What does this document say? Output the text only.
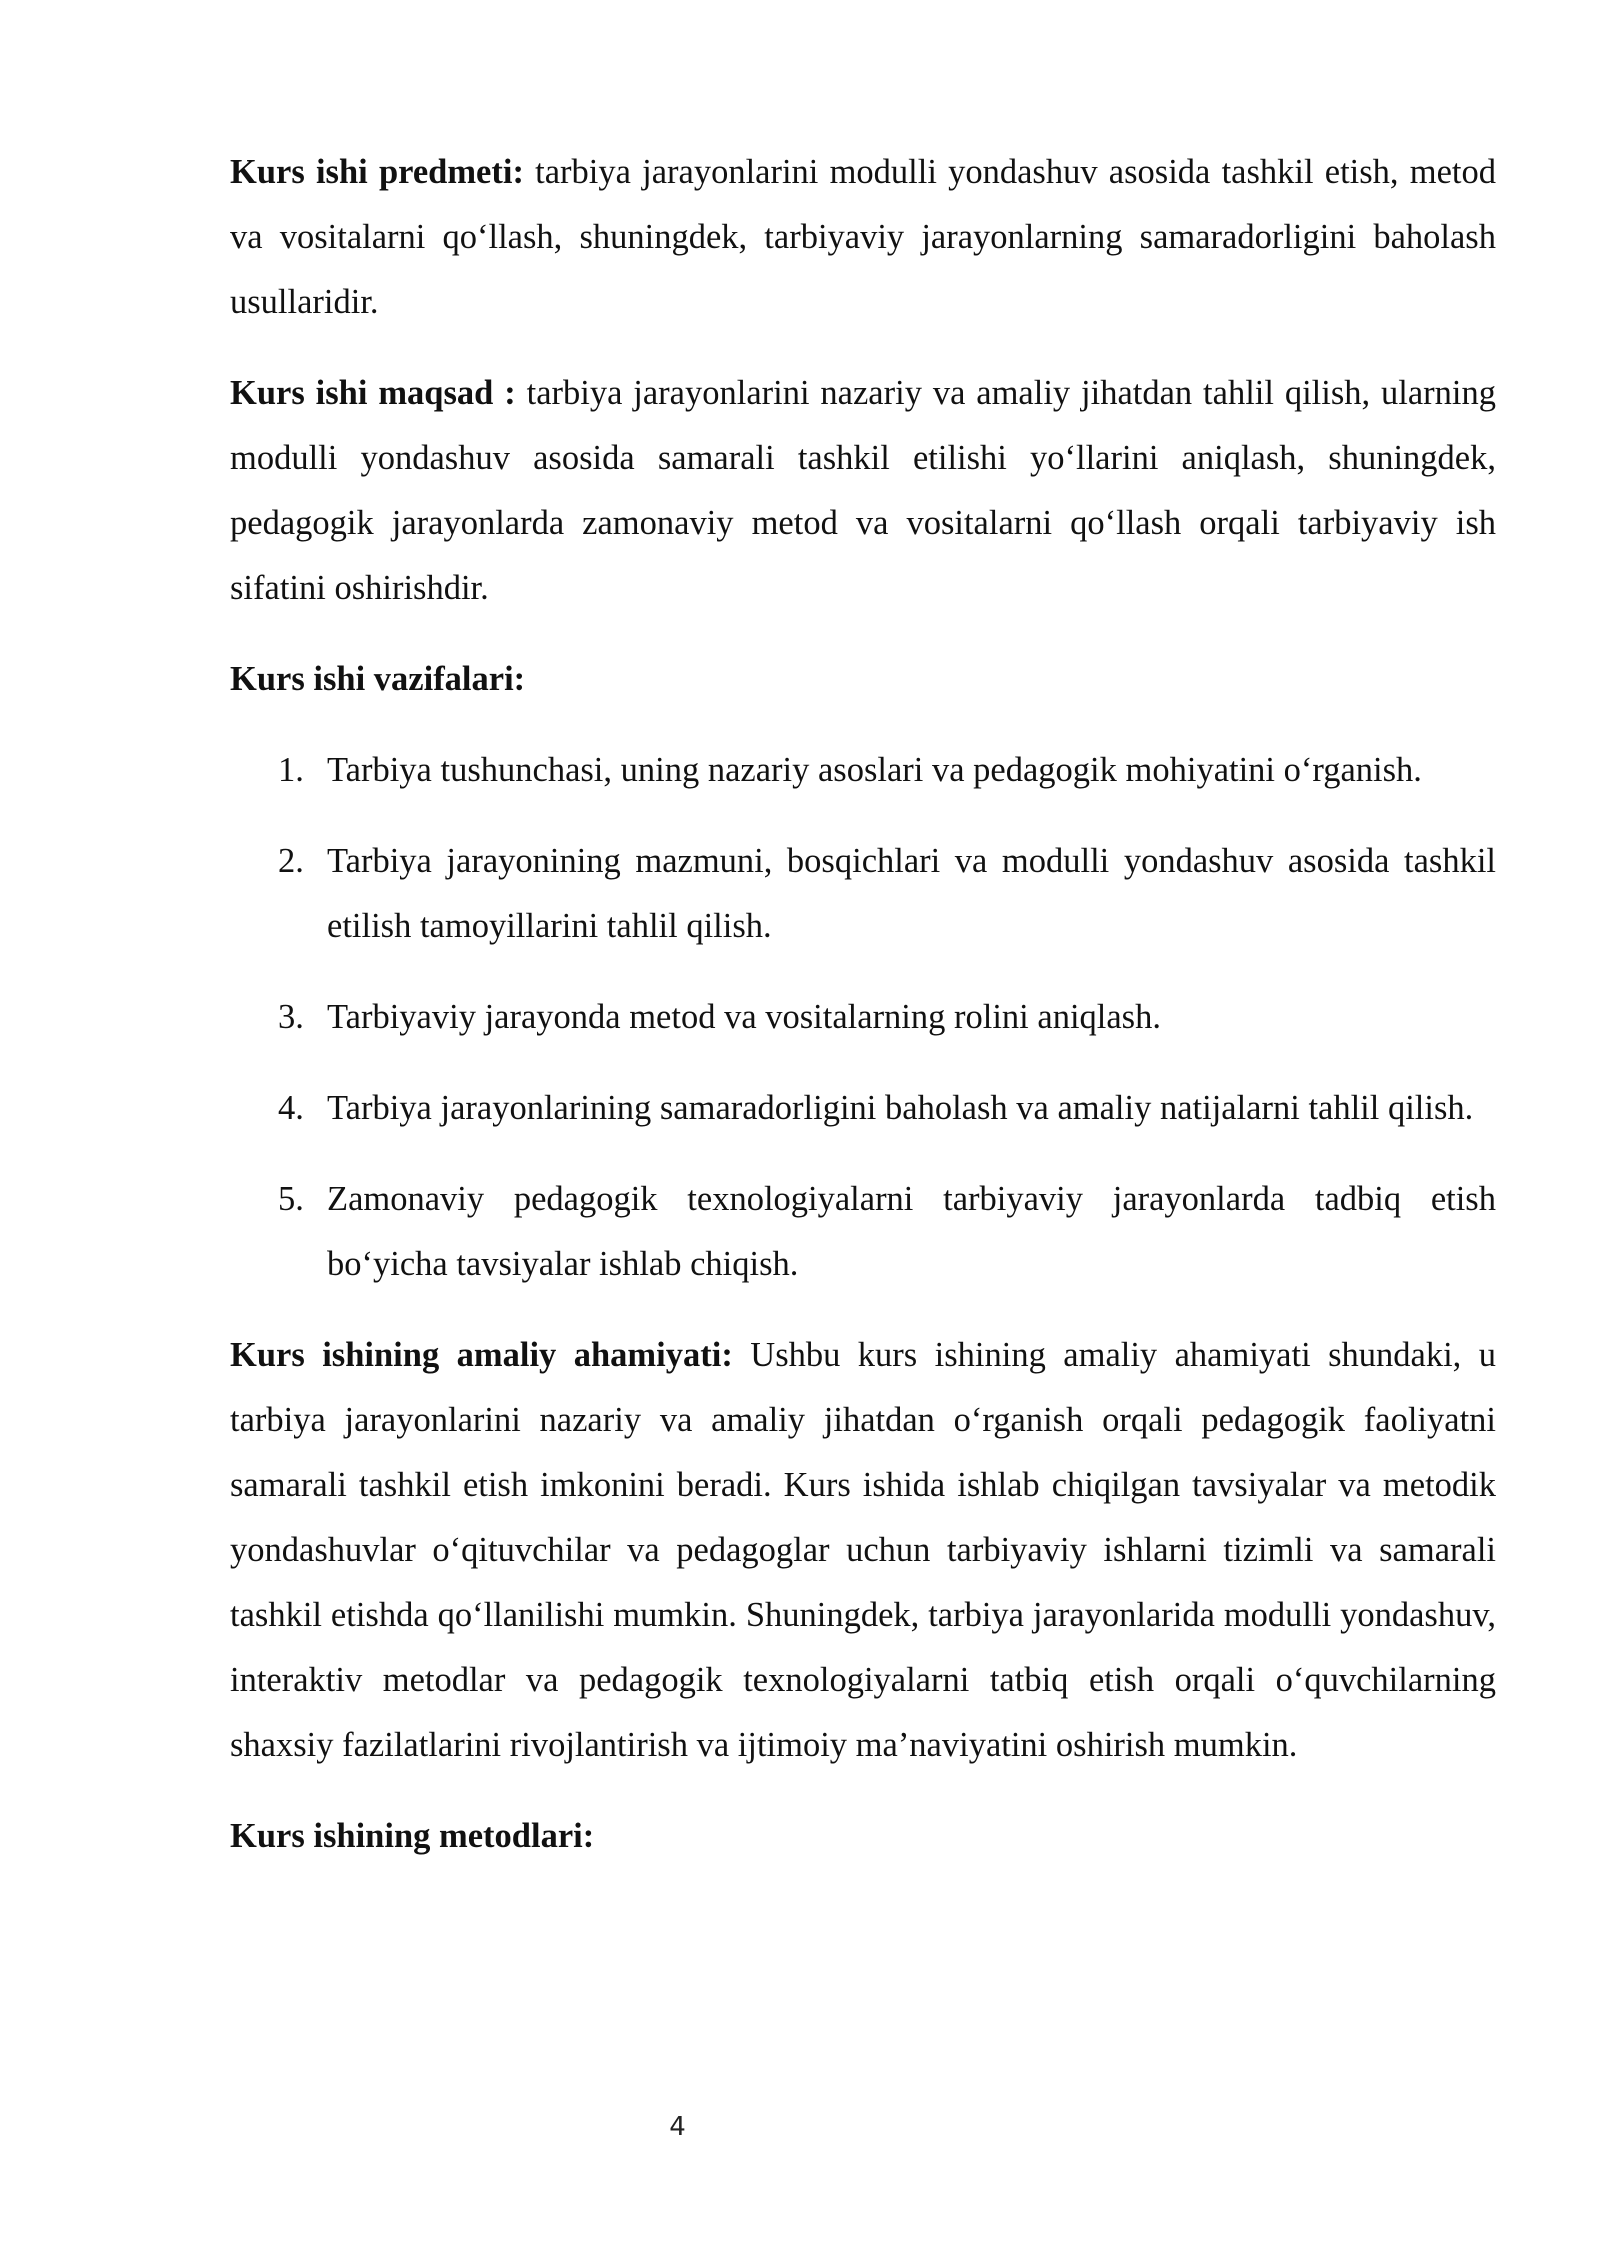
Kurs ishi predmeti: tarbiya jarayonlarini modulli yondashuv asosida tashkil etish, metod va vositalarni qo‘llash, shuningdek, tarbiyaviy jarayonlarning samaradorligini baholash usullaridir.

Kurs ishi maqsad : tarbiya jarayonlarini nazariy va amaliy jihatdan tahlil qilish, ularning modulli yondashuv asosida samarali tashkil etilishi yo‘llarini aniqlash, shuningdek, pedagogik jarayonlarda zamonaviy metod va vositalarni qo‘llash orqali tarbiyaviy ish sifatini oshirishdir.

Kurs ishi vazifalari:

1. Tarbiya tushunchasi, uning nazariy asoslari va pedagogik mohiyatini o‘rganish.
2. Tarbiya jarayonining mazmuni, bosqichlari va modulli yondashuv asosida tashkil etilish tamoyillarini tahlil qilish.
3. Tarbiyaviy jarayonda metod va vositalarning rolini aniqlash.
4. Tarbiya jarayonlarining samaradorligini baholash va amaliy natijalarni tahlil qilish.
5. Zamonaviy pedagogik texnologiyalarni tarbiyaviy jarayonlarda tadbiq etish bo‘yicha tavsiyalar ishlab chiqish.

Kurs ishining amaliy ahamiyati: Ushbu kurs ishining amaliy ahamiyati shundaki, u tarbiya jarayonlarini nazariy va amaliy jihatdan o‘rganish orqali pedagogik faoliyatni samarali tashkil etish imkonini beradi. Kurs ishida ishlab chiqilgan tavsiyalar va metodik yondashuvlar o‘qituvchilar va pedagoglar uchun tarbiyaviy ishlarni tizimli va samarali tashkil etishda qo‘llanilishi mumkin. Shuningdek, tarbiya jarayonlarida modulli yondashuv, interaktiv metodlar va pedagogik texnologiyalarni tatbiq etish orqali o‘quvchilarning shaxsiy fazilatlarini rivojlantirish va ijtimoiy ma’naviyatini oshirish mumkin.

Kurs ishining metodlari:

4
